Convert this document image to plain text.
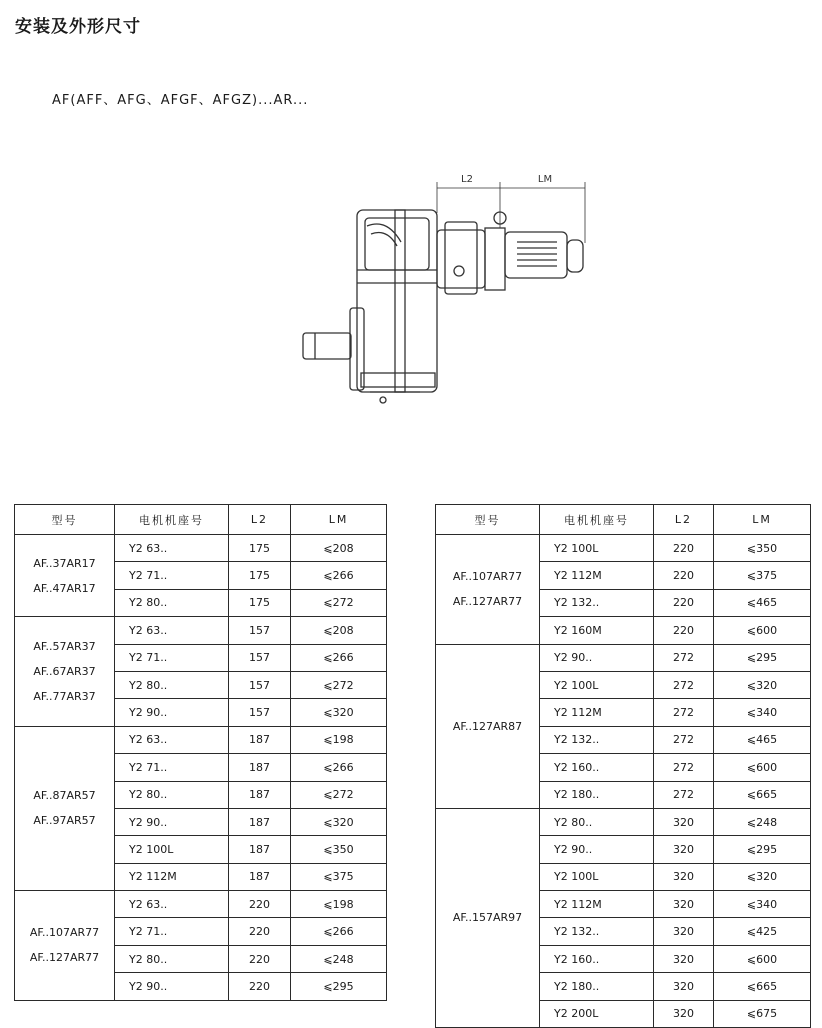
安装及外形尺寸
AF(AFF、AFG、AFGF、AFGZ)...AR...
L2	LM
型号	电机机座号	L2	LM

AF..37AR17
AF..47AR17	Y2 63..	175	⩽208
	Y2 71..	175	⩽266
	Y2 80..	175	⩽272

AF..57AR37
AF..67AR37
AF..77AR37	Y2 63..	157	⩽208
	Y2 71..	157	⩽266
	Y2 80..	157	⩽272
	Y2 90..	157	⩽320

AF..87AR57
AF..97AR57	Y2 63..	187	⩽198
	Y2 71..	187	⩽266
	Y2 80..	187	⩽272
	Y2 90..	187	⩽320
	Y2 100L	187	⩽350
	Y2 112M	187	⩽375

AF..107AR77
AF..127AR77	Y2 63..	220	⩽198
	Y2 71..	220	⩽266
	Y2 80..	220	⩽248
	Y2 90..	220	⩽295
型号	电机机座号	L2	LM

AF..107AR77
AF..127AR77	Y2 100L	220	⩽350
	Y2 112M	220	⩽375
	Y2 132..	220	⩽465
	Y2 160M	220	⩽600

AF..127AR87	Y2 90..	272	⩽295
	Y2 100L	272	⩽320
	Y2 112M	272	⩽340
	Y2 132..	272	⩽465
	Y2 160..	272	⩽600
	Y2 180..	272	⩽665

AF..157AR97	Y2 80..	320	⩽248
	Y2 90..	320	⩽295
	Y2 100L	320	⩽320
	Y2 112M	320	⩽340
	Y2 132..	320	⩽425
	Y2 160..	320	⩽600
	Y2 180..	320	⩽665
	Y2 200L	320	⩽675
